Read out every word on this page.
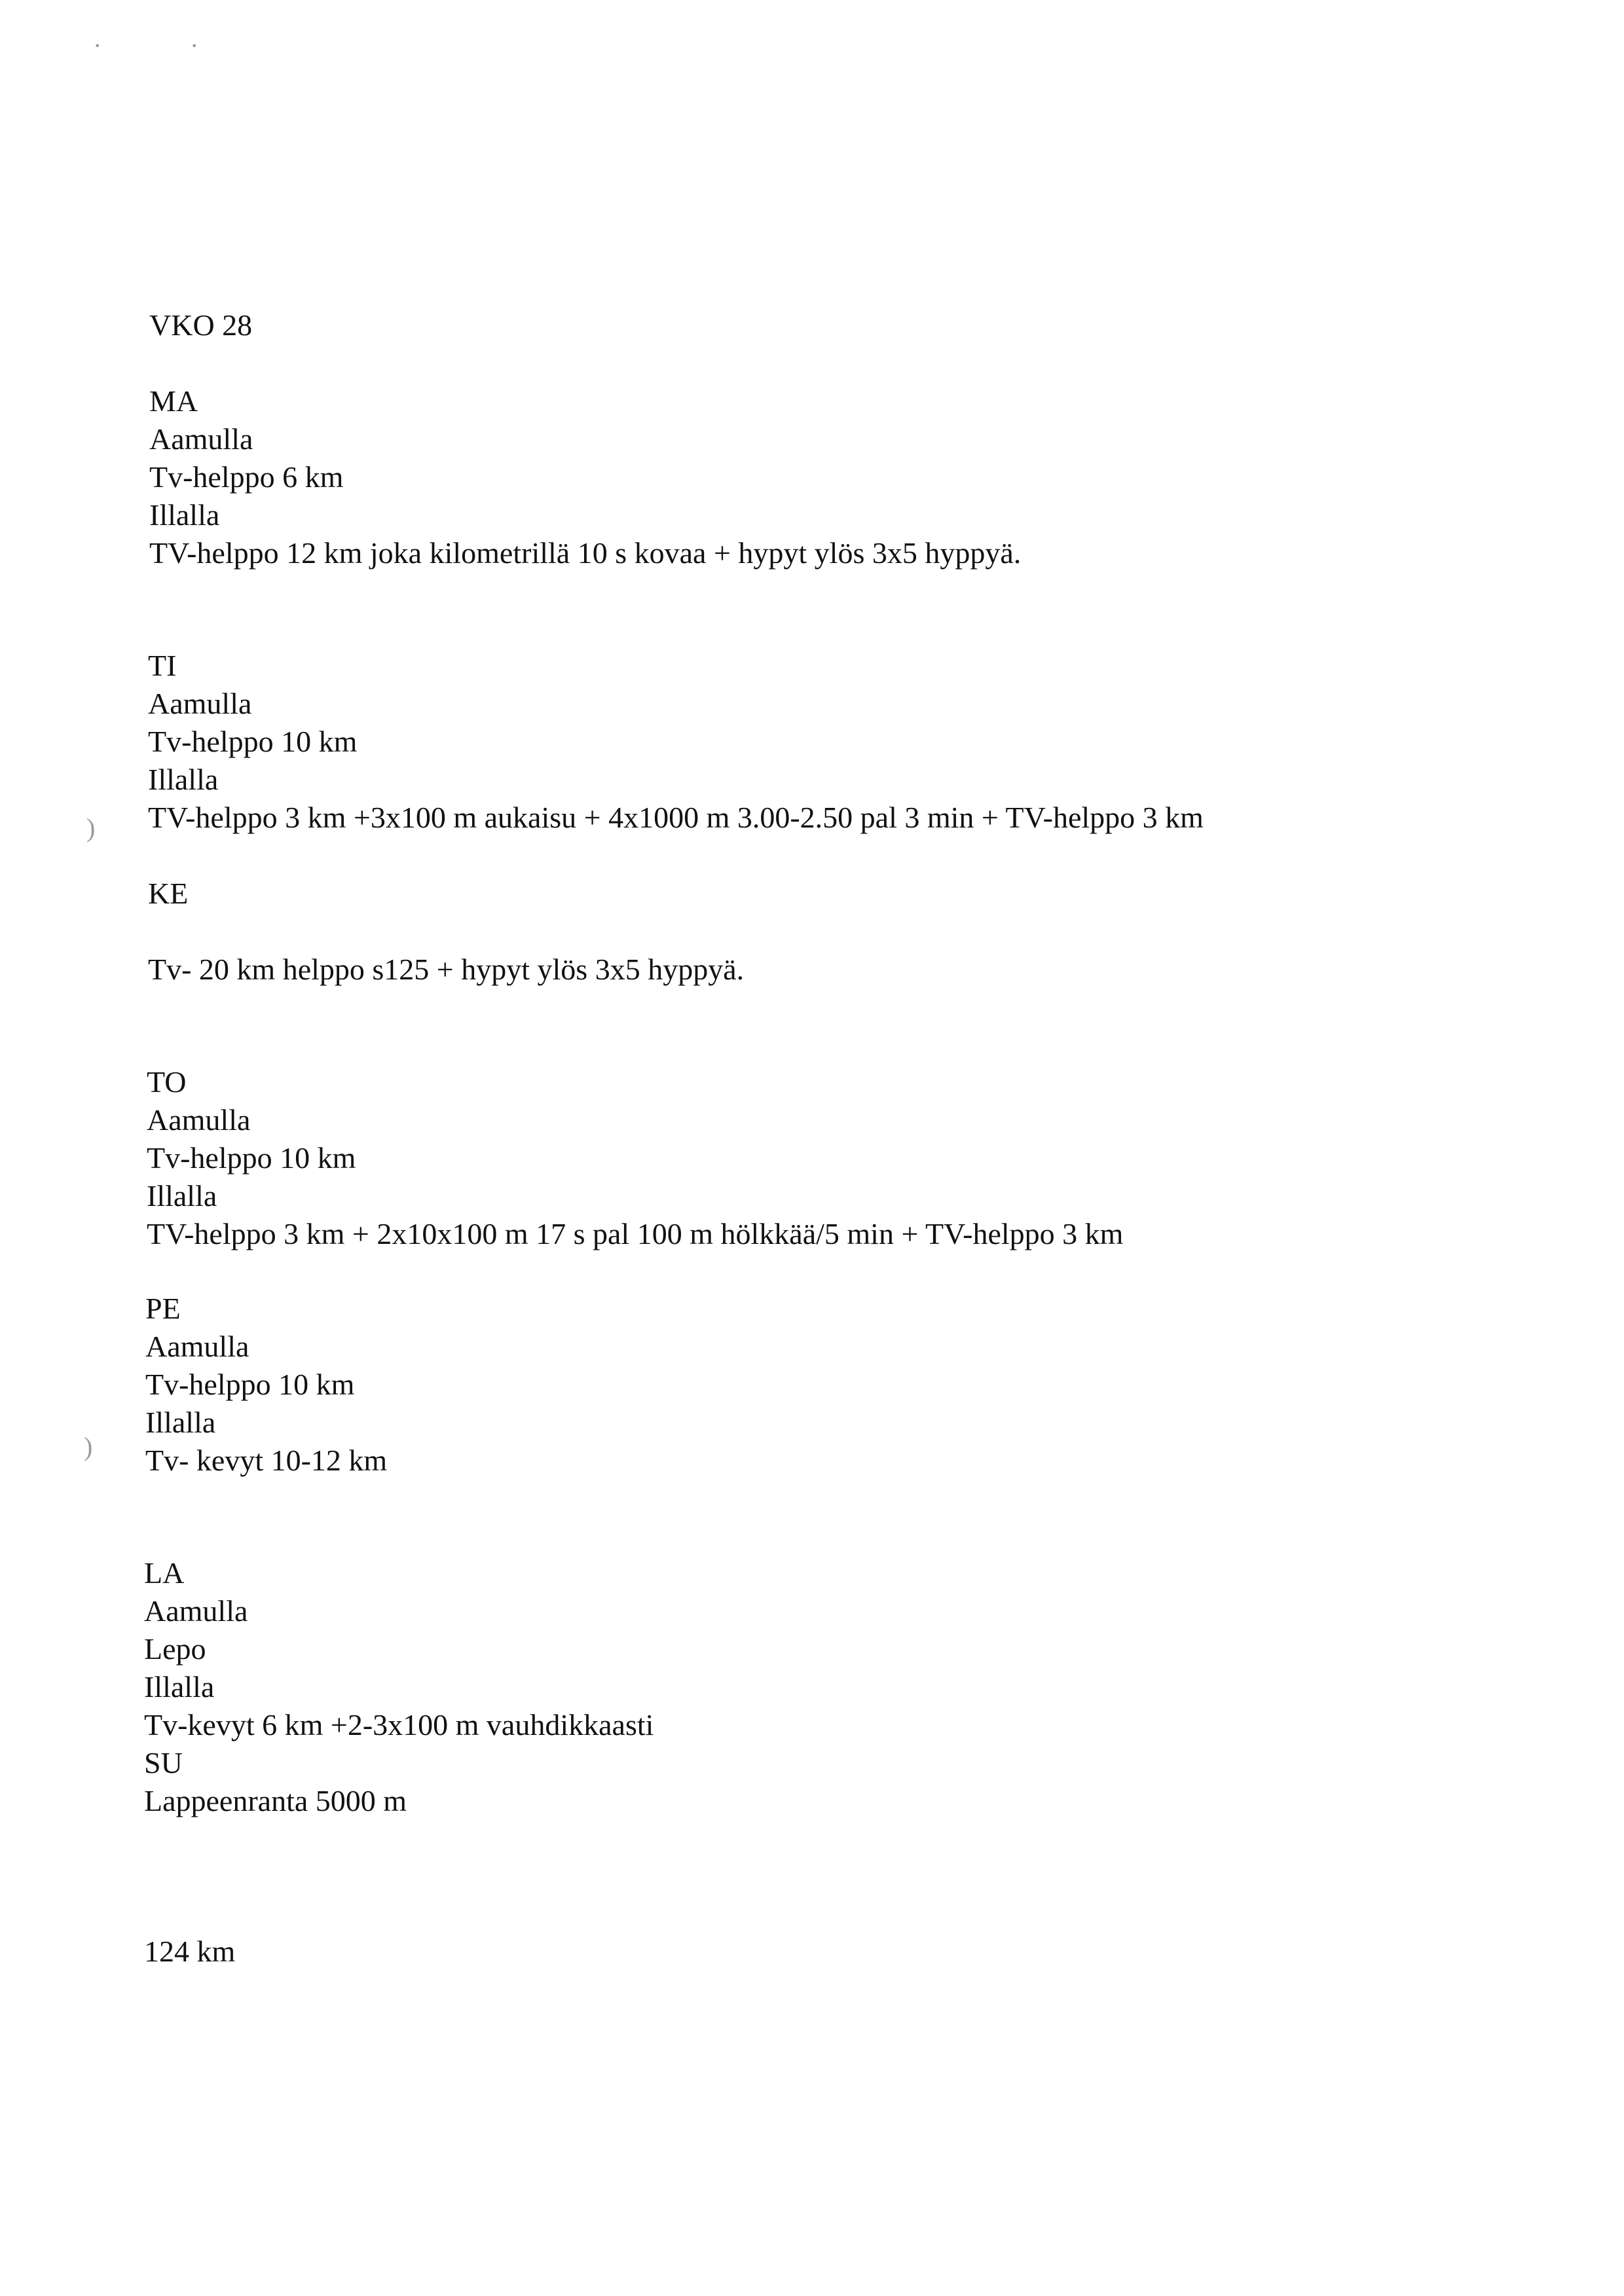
·	·
)
)
VKO 28
MA
Aamulla
Tv-helppo 6 km
Illalla
TV-helppo 12 km joka kilometrillä 10 s kovaa + hypyt ylös 3x5 hyppyä.
TI
Aamulla
Tv-helppo 10 km
Illalla
TV-helppo 3 km +3x100 m aukaisu + 4x1000 m 3.00-2.50 pal 3 min + TV-helppo 3 km
KE
Tv- 20 km helppo s125 + hypyt ylös 3x5 hyppyä.
TO
Aamulla
Tv-helppo 10 km
Illalla
TV-helppo 3 km + 2x10x100 m 17 s pal 100 m hölkkää/5 min + TV-helppo 3 km
PE
Aamulla
Tv-helppo 10 km
Illalla
Tv- kevyt 10-12 km
LA
Aamulla
Lepo
Illalla
Tv-kevyt 6 km +2-3x100 m vauhdikkaasti
SU
Lappeenranta 5000 m
124 km
